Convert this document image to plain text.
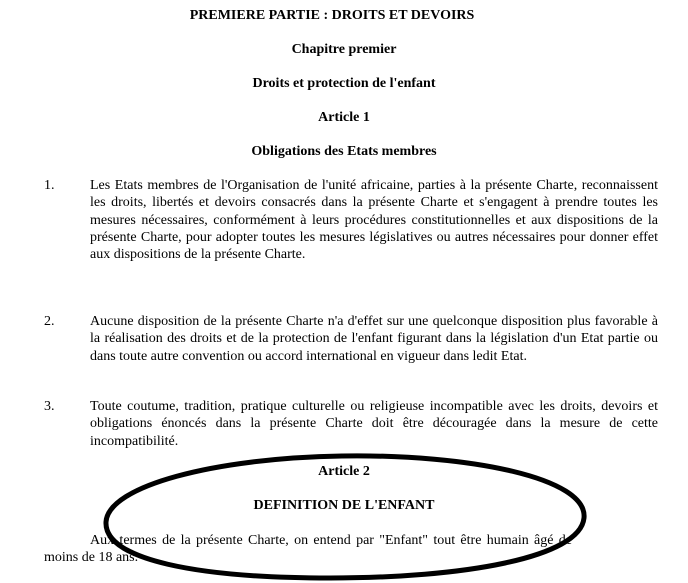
PREMIERE PARTIE : DROITS ET DEVOIRS
Chapitre premier
Droits et protection de l'enfant
Article 1
Obligations des Etats membres
1.	Les Etats membres de l'Organisation de l'unité africaine, parties à la présente Charte, reconnaissent les droits, libertés et devoirs consacrés dans la présente Charte et s'engagent à prendre toutes les mesures nécessaires, conformément à leurs procédures constitutionnelles et aux dispositions de la présente Charte, pour adopter toutes les mesures législatives ou autres nécessaires pour donner effet aux dispositions de la présente Charte.
2.	Aucune disposition de la présente Charte n'a d'effet sur une quelconque disposition plus favorable à la réalisation des droits et de la protection de l'enfant figurant dans la législation d'un Etat partie ou dans toute autre convention ou accord international en vigueur dans ledit Etat.
3.	Toute coutume, tradition, pratique culturelle ou religieuse incompatible avec les droits, devoirs et obligations énoncés dans la présente Charte doit être découragée dans la mesure de cette incompatibilité.
Article 2
DEFINITION DE L'ENFANT
Aux termes de la présente Charte, on entend par "Enfant" tout être humain âgé de moins de 18 ans.
